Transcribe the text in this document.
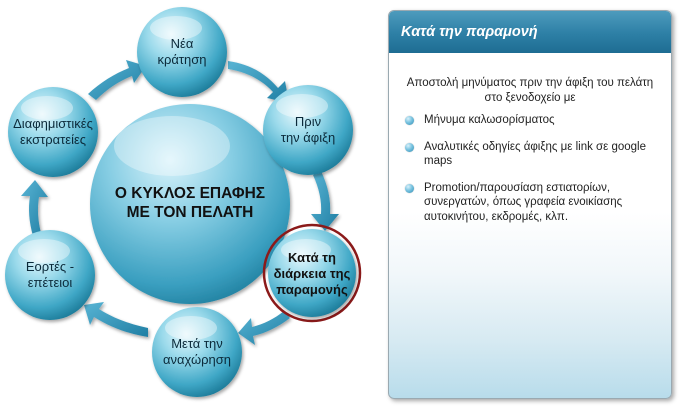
Νέα
κράτηση
Πριν
την άφιξη
Κατά τη
διάρκεια της
παραμονής
Μετά την
αναχώρηση
Εορτές -
επέτειοι
Διαφημιστικές
εκστρατείες
Ο ΚΥΚΛΟΣ ΕΠΑΦΗΣ
ΜΕ ΤΟΝ ΠΕΛΑΤΗ
Κατά την παραμονή
Αποστολή μηνύματος πριν την άφιξη του πελάτη στο ξενοδοχείο με
Μήνυμα καλωσορίσματος
Αναλυτικές οδηγίες άφιξης με link σε google maps
Promotion/παρουσίαση εστιατορίων, συνεργατών, όπως γραφεία ενοικίασης αυτοκινήτου, εκδρομές, κλπ.
